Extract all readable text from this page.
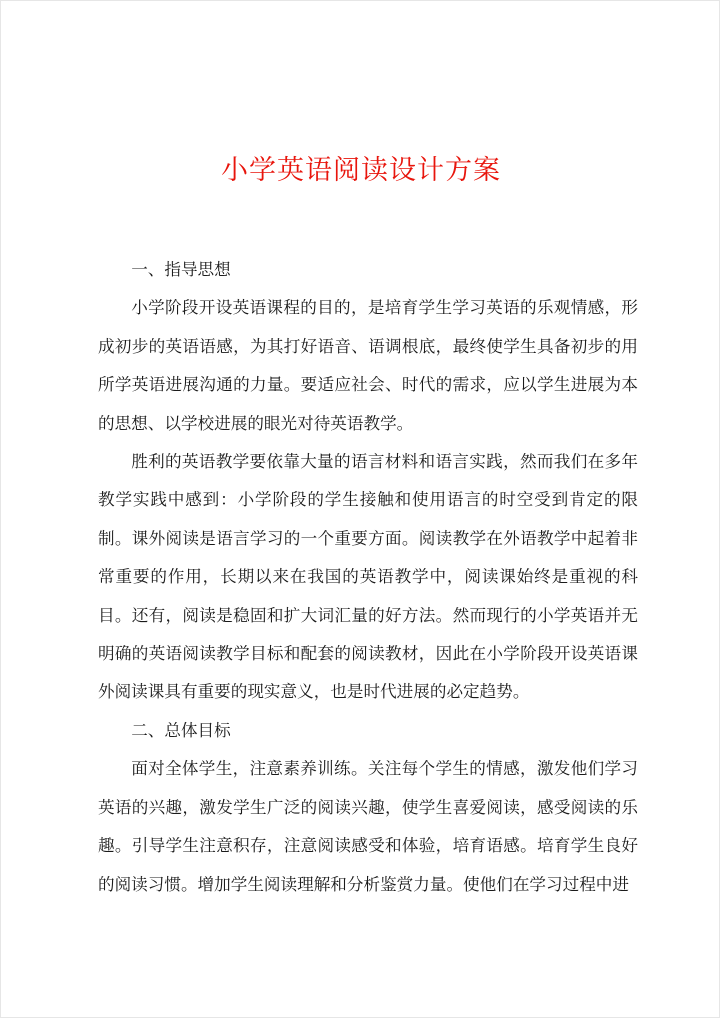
小学英语阅读设计方案

一、指导思想

小学阶段开设英语课程的目的，是培育学生学习英语的乐观情感，形成初步的英语语感，为其打好语音、语调根底，最终使学生具备初步的用所学英语进展沟通的力量。要适应社会、时代的需求，应以学生进展为本的思想、以学校进展的眼光对待英语教学。

胜利的英语教学要依靠大量的语言材料和语言实践，然而我们在多年教学实践中感到：小学阶段的学生接触和使用语言的时空受到肯定的限制。课外阅读是语言学习的一个重要方面。阅读教学在外语教学中起着非常重要的作用，长期以来在我国的英语教学中，阅读课始终是重视的科目。还有，阅读是稳固和扩大词汇量的好方法。然而现行的小学英语并无明确的英语阅读教学目标和配套的阅读教材，因此在小学阶段开设英语课外阅读课具有重要的现实意义，也是时代进展的必定趋势。

二、总体目标

面对全体学生，注意素养训练。关注每个学生的情感，激发他们学习英语的兴趣，激发学生广泛的阅读兴趣，使学生喜爱阅读，感受阅读的乐趣。引导学生注意积存，注意阅读感受和体验，培育语感。培育学生良好的阅读习惯。增加学生阅读理解和分析鉴赏力量。使他们在学习过程中进
